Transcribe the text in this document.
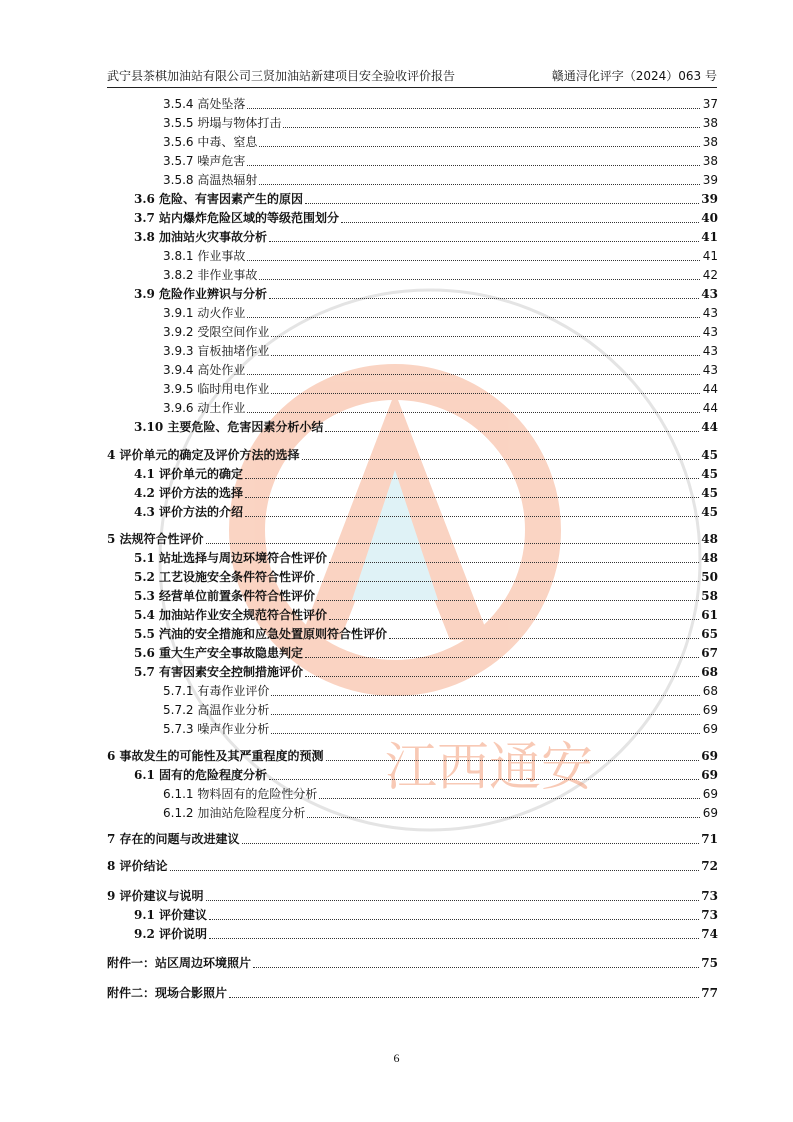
武宁县茶棋加油站有限公司三贤加油站新建项目安全验收评价报告	赣通浔化评字（2024）063 号
江西通安
3.5.4 高处坠落	37
3.5.5 坍塌与物体打击	38
3.5.6 中毒、窒息	38
3.5.7 噪声危害	38
3.5.8 高温热辐射	39
3.6 危险、有害因素产生的原因	39
3.7 站内爆炸危险区域的等级范围划分	40
3.8 加油站火灾事故分析	41
3.8.1 作业事故	41
3.8.2 非作业事故	42
3.9 危险作业辨识与分析	43
3.9.1 动火作业	43
3.9.2 受限空间作业	43
3.9.3 盲板抽堵作业	43
3.9.4 高处作业	43
3.9.5 临时用电作业	44
3.9.6 动土作业	44
3.10 主要危险、危害因素分析小结	44
4 评价单元的确定及评价方法的选择	45
4.1 评价单元的确定	45
4.2 评价方法的选择	45
4.3 评价方法的介绍	45
5 法规符合性评价	48
5.1 站址选择与周边环境符合性评价	48
5.2 工艺设施安全条件符合性评价	50
5.3 经营单位前置条件符合性评价	58
5.4 加油站作业安全规范符合性评价	61
5.5 汽油的安全措施和应急处置原则符合性评价	65
5.6 重大生产安全事故隐患判定	67
5.7 有害因素安全控制措施评价	68
5.7.1 有毒作业评价	68
5.7.2 高温作业分析	69
5.7.3 噪声作业分析	69
6 事故发生的可能性及其严重程度的预测	69
6.1 固有的危险程度分析	69
6.1.1 物料固有的危险性分析	69
6.1.2 加油站危险程度分析	69
7 存在的问题与改进建议	71
8 评价结论	72
9 评价建议与说明	73
9.1 评价建议	73
9.2 评价说明	74
附件一：站区周边环境照片	75
附件二：现场合影照片	77
6
